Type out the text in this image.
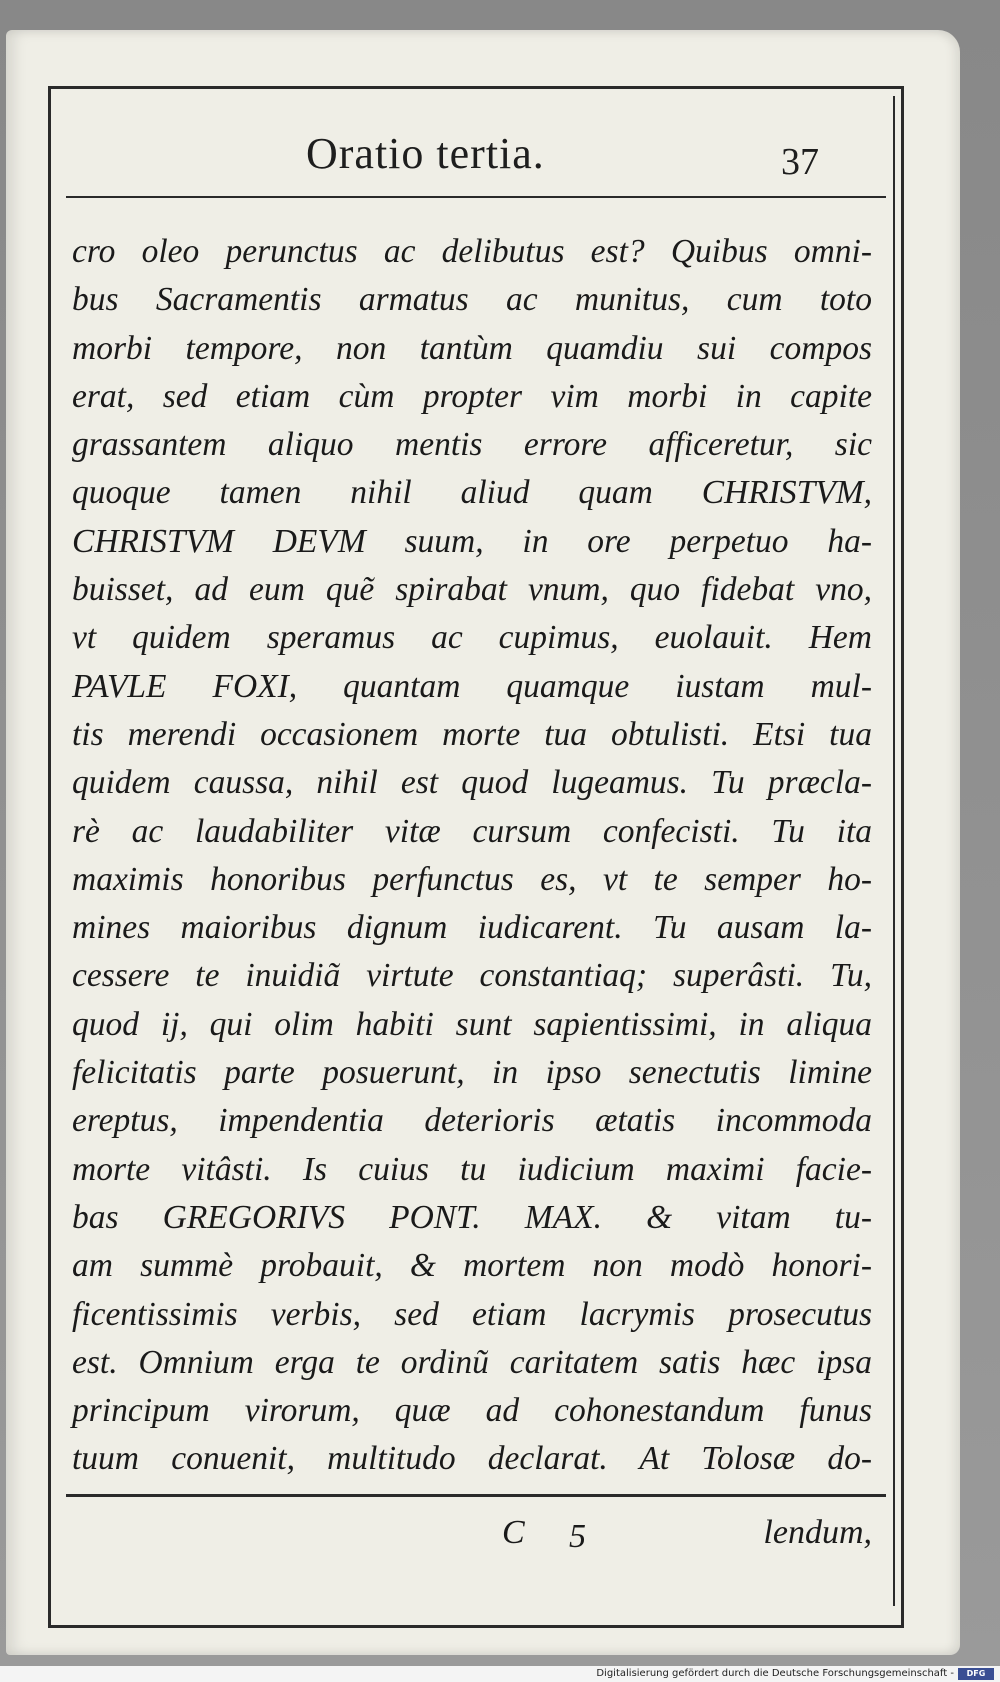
Oratio tertia.	37
cro oleo perunctus ac delibutus est? Quibus omni-
bus Sacramentis armatus ac munitus, cum toto
morbi tempore, non tantùm quamdiu sui compos
erat, sed etiam cùm propter vim morbi in capite
grassantem aliquo mentis errore afficeretur, sic
quoque tamen nihil aliud quam CHRISTVM,
CHRISTVM DEVM suum, in ore perpetuo ha-
buisset, ad eum quẽ spirabat vnum, quo fidebat vno,
vt quidem speramus ac cupimus, euolauit. Hem
PAVLE FOXI, quantam quamque iustam mul-
tis merendi occasionem morte tua obtulisti. Etsi tua
quidem caussa, nihil est quod lugeamus. Tu præcla-
rè ac laudabiliter vitæ cursum confecisti. Tu ita
maximis honoribus perfunctus es, vt te semper ho-
mines maioribus dignum iudicarent. Tu ausam la-
cessere te inuidiã virtute constantiaq; superâsti. Tu,
quod ij, qui olim habiti sunt sapientissimi, in aliqua
felicitatis parte posuerunt, in ipso senectutis limine
ereptus, impendentia deterioris ætatis incommoda
morte vitâsti. Is cuius tu iudicium maximi facie-
bas GREGORIVS PONT. MAX. & vitam tu-
am summè probauit, & mortem non modò honori-
ficentissimis verbis, sed etiam lacrymis prosecutus
est. Omnium erga te ordinũ caritatem satis hæc ipsa
principum virorum, quæ ad cohonestandum funus
tuum conuenit, multitudo declarat. At Tolosæ do-
C 5	lendum,
Digitalisierung gefördert durch die Deutsche Forschungsgemeinschaft -	DFG
